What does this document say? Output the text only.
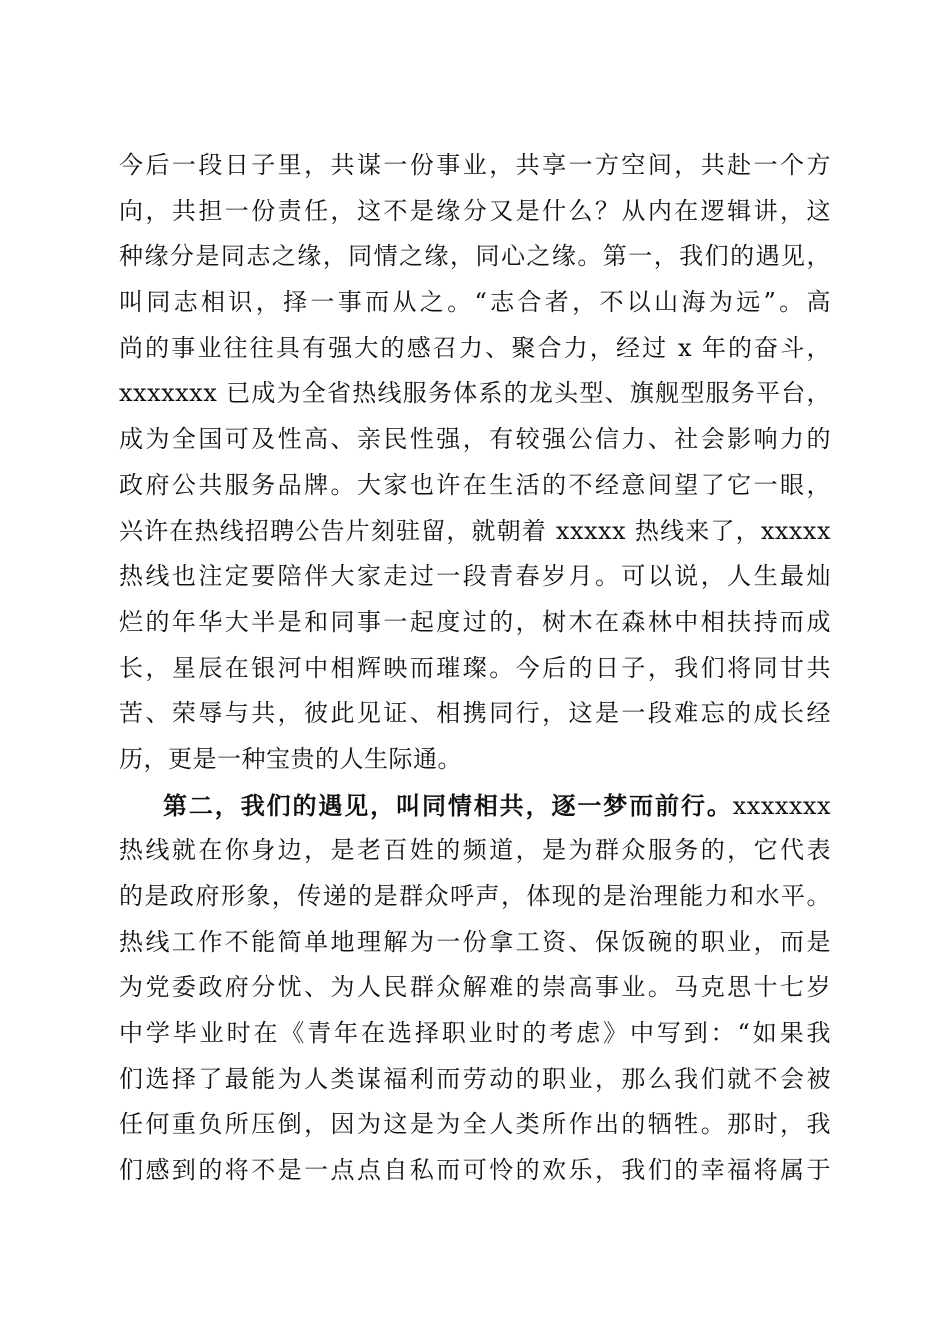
今后一段日子里，共谋一份事业，共享一方空间，共赴一个方
向，共担一份责任，这不是缘分又是什么？从内在逻辑讲，这
种缘分是同志之缘，同情之缘，同心之缘。第一，我们的遇见，
叫同志相识，择一事而从之。“志合者，不以山海为远”。高
尚的事业往往具有强大的感召力、聚合力，经过 x 年的奋斗，
xxxxxxx 已成为全省热线服务体系的龙头型、旗舰型服务平台，
成为全国可及性高、亲民性强，有较强公信力、社会影响力的
政府公共服务品牌。大家也许在生活的不经意间望了它一眼，
兴许在热线招聘公告片刻驻留，就朝着 xxxxx 热线来了，xxxxx
热线也注定要陪伴大家走过一段青春岁月。可以说，人生最灿
烂的年华大半是和同事一起度过的，树木在森林中相扶持而成
长，星辰在银河中相辉映而璀璨。今后的日子，我们将同甘共
苦、荣辱与共，彼此见证、相携同行，这是一段难忘的成长经
历，更是一种宝贵的人生际通。
第二，我们的遇见，叫同情相共，逐一梦而前行。xxxxxxx
热线就在你身边，是老百姓的频道，是为群众服务的，它代表
的是政府形象，传递的是群众呼声，体现的是治理能力和水平。
热线工作不能简单地理解为一份拿工资、保饭碗的职业，而是
为党委政府分忧、为人民群众解难的崇高事业。马克思十七岁
中学毕业时在《青年在选择职业时的考虑》中写到：“如果我
们选择了最能为人类谋福利而劳动的职业，那么我们就不会被
任何重负所压倒，因为这是为全人类所作出的牺牲。那时，我
们感到的将不是一点点自私而可怜的欢乐，我们的幸福将属于
